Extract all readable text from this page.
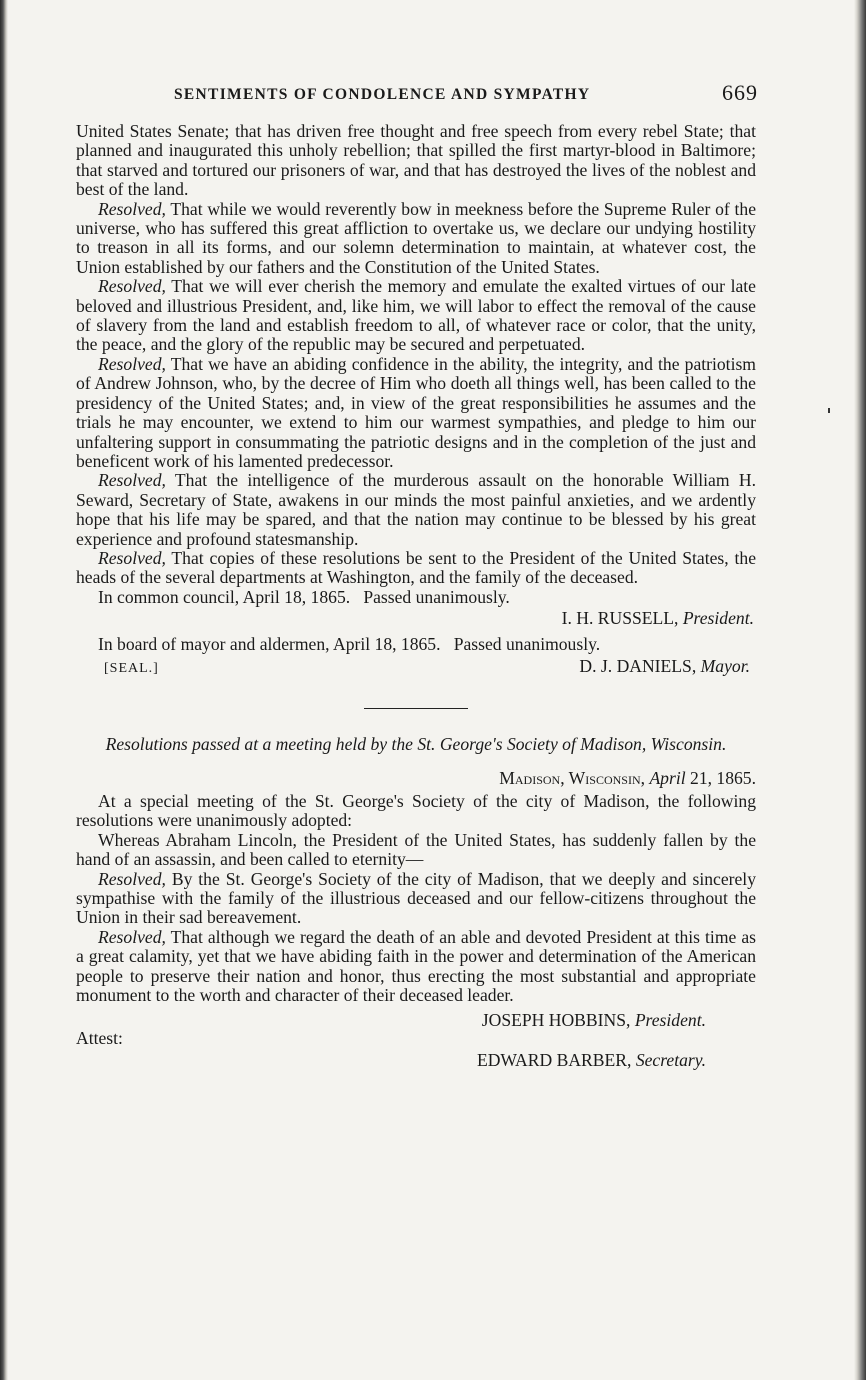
SENTIMENTS OF CONDOLENCE AND SYMPATHY	669

United States Senate; that has driven free thought and free speech from every rebel State; that planned and inaugurated this unholy rebellion; that spilled the first martyr-blood in Baltimore; that starved and tortured our prisoners of war, and that has destroyed the lives of the noblest and best of the land.

Resolved, That while we would reverently bow in meekness before the Supreme Ruler of the universe, who has suffered this great affliction to overtake us, we declare our undying hostility to treason in all its forms, and our solemn determination to maintain, at whatever cost, the Union established by our fathers and the Constitution of the United States.

Resolved, That we will ever cherish the memory and emulate the exalted virtues of our late beloved and illustrious President, and, like him, we will labor to effect the removal of the cause of slavery from the land and establish freedom to all, of whatever race or color, that the unity, the peace, and the glory of the republic may be secured and perpetuated.

Resolved, That we have an abiding confidence in the ability, the integrity, and the patriotism of Andrew Johnson, who, by the decree of Him who doeth all things well, has been called to the presidency of the United States; and, in view of the great responsibilities he assumes and the trials he may encounter, we extend to him our warmest sympathies, and pledge to him our unfaltering support in consummating the patriotic designs and in the completion of the just and beneficent work of his lamented predecessor.

Resolved, That the intelligence of the murderous assault on the honorable William H. Seward, Secretary of State, awakens in our minds the most painful anxieties, and we ardently hope that his life may be spared, and that the nation may continue to be blessed by his great experience and profound statesmanship.

Resolved, That copies of these resolutions be sent to the President of the United States, the heads of the several departments at Washington, and the family of the deceased.

In common council, April 18, 1865.   Passed unanimously.

I. H. RUSSELL, President.

In board of mayor and aldermen, April 18, 1865.   Passed unanimously.

[SEAL.]	D. J. DANIELS, Mayor.
Resolutions passed at a meeting held by the St. George's Society of Madison, Wisconsin.
Madison, Wisconsin, April 21, 1865.

At a special meeting of the St. George's Society of the city of Madison, the following resolutions were unanimously adopted:

Whereas Abraham Lincoln, the President of the United States, has suddenly fallen by the hand of an assassin, and been called to eternity—

Resolved, By the St. George's Society of the city of Madison, that we deeply and sincerely sympathise with the family of the illustrious deceased and our fellow-citizens throughout the Union in their sad bereavement.

Resolved, That although we regard the death of an able and devoted President at this time as a great calamity, yet that we have abiding faith in the power and determination of the American people to preserve their nation and honor, thus erecting the most substantial and appropriate monument to the worth and character of their deceased leader.

Attest:
JOSEPH HOBBINS, President.
EDWARD BARBER, Secretary.
